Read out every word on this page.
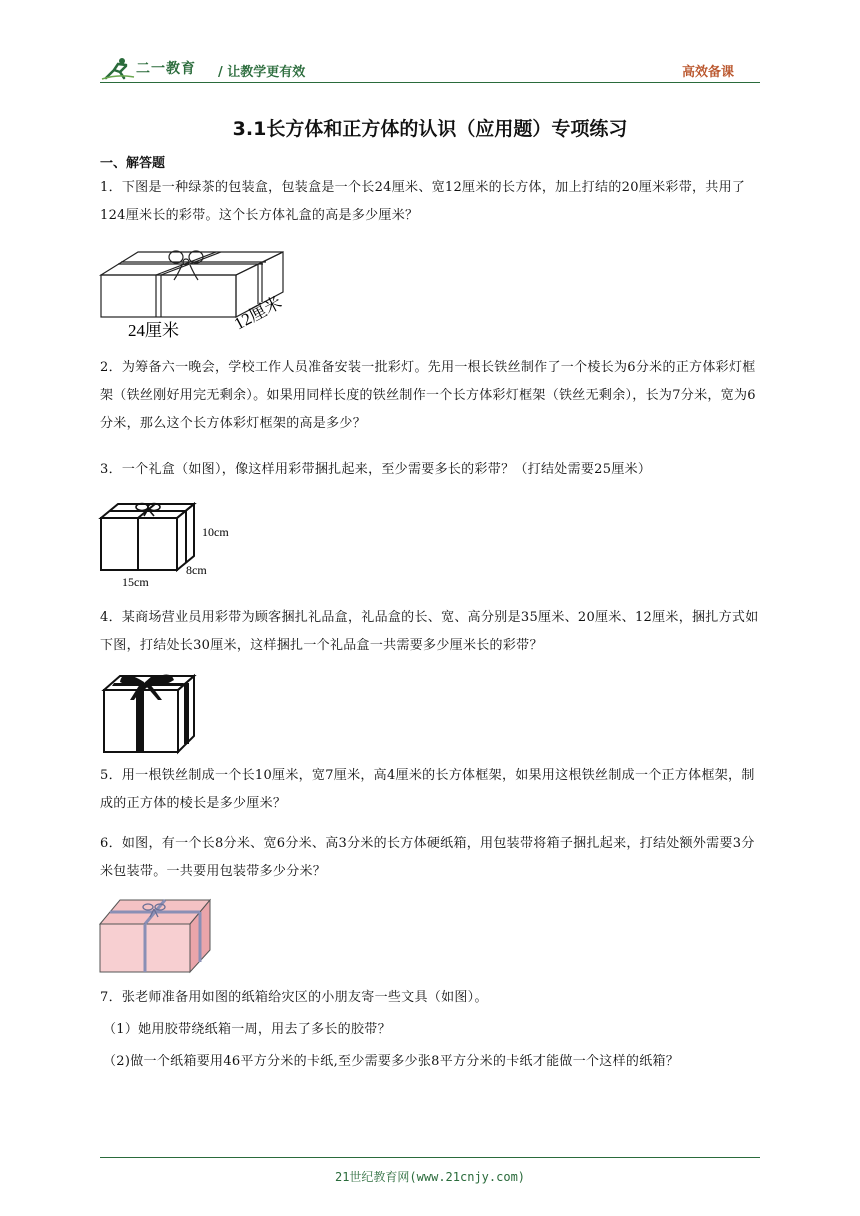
二一教育 / 让教学更有效	高效备课
3.1长方体和正方体的认识（应用题）专项练习
一、解答题
1．下图是一种绿茶的包装盒，包装盒是一个长24厘米、宽12厘米的长方体，加上打结的20厘米彩带，共用了124厘米长的彩带。这个长方体礼盒的高是多少厘米？
24厘米	12厘米
2．为筹备六一晚会，学校工作人员准备安装一批彩灯。先用一根长铁丝制作了一个棱长为6分米的正方体彩灯框架（铁丝刚好用完无剩余）。如果用同样长度的铁丝制作一个长方体彩灯框架（铁丝无剩余），长为7分米，宽为6分米，那么这个长方体彩灯框架的高是多少？
3．一个礼盒（如图），像这样用彩带捆扎起来，至少需要多长的彩带？（打结处需要25厘米）
10cm
8cm
15cm
4．某商场营业员用彩带为顾客捆扎礼品盒，礼品盒的长、宽、高分别是35厘米、20厘米、12厘米，捆扎方式如下图，打结处长30厘米，这样捆扎一个礼品盒一共需要多少厘米长的彩带？
5．用一根铁丝制成一个长10厘米，宽7厘米，高4厘米的长方体框架，如果用这根铁丝制成一个正方体框架，制成的正方体的棱长是多少厘米？
6．如图，有一个长8分米、宽6分米、高3分米的长方体硬纸箱，用包装带将箱子捆扎起来，打结处额外需要3分米包装带。一共要用包装带多少分米？
7．张老师准备用如图的纸箱给灾区的小朋友寄一些文具（如图）。
（1）她用胶带绕纸箱一周，用去了多长的胶带？
（2)做一个纸箱要用46平方分米的卡纸,至少需要多少张8平方分米的卡纸才能做一个这样的纸箱？
21世纪教育网(www.21cnjy.com)
